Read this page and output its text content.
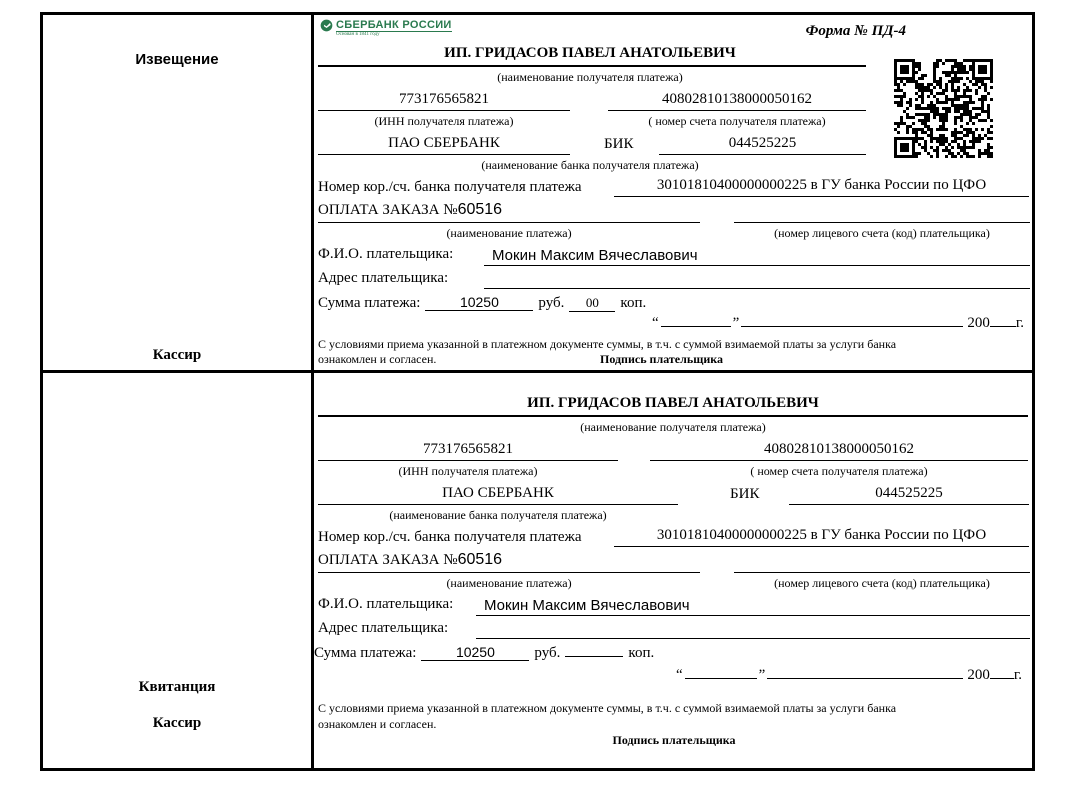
Извещение
Кассир
СБЕРБАНК РОССИИ
Основан в 1841 году	Форма № ПД-4
ИП. ГРИДАСОВ ПАВЕЛ АНАТОЛЬЕВИЧ
(наименование получателя платежа)
773176565821
(ИНН получателя платежа)
40802810138000050162
( номер счета получателя платежа)
ПАО СБЕРБАНК	БИК	044525225
(наименование банка получателя платежа)
Номер кор./сч. банка получателя платежа	30101810400000000225 в ГУ банка России по ЦФО
ОПЛАТА ЗАКАЗА №60516
(наименование платежа)	(номер лицевого счета (код) плательщика)
Ф.И.О. плательщика:	Мокин Максим Вячеславович
Адрес плательщика:
Сумма платежа:	10250	руб.	00	коп.
“	”	200 г.
С условиями приема указанной в платежном документе суммы, в т.ч. с суммой взимаемой платы за услуги банка
ознакомлен и согласен.	Подпись плательщика
Квитанция
Кассир
ИП. ГРИДАСОВ ПАВЕЛ АНАТОЛЬЕВИЧ
(наименование получателя платежа)
773176565821
(ИНН получателя платежа)
40802810138000050162
( номер счета получателя платежа)
ПАО СБЕРБАНК	БИК	044525225
(наименование банка получателя платежа)
Номер кор./сч. банка получателя платежа	30101810400000000225 в ГУ банка России по ЦФО
ОПЛАТА ЗАКАЗА №60516
(наименование платежа)	(номер лицевого счета (код) плательщика)
Ф.И.О. плательщика: Мокин Максим Вячеславович
Адрес плательщика:
Сумма платежа:	10250	руб.	коп.
“	”	200 г.
С условиями приема указанной в платежном документе суммы, в т.ч. с суммой взимаемой платы за услуги банка
ознакомлен и согласен.
Подпись плательщика
